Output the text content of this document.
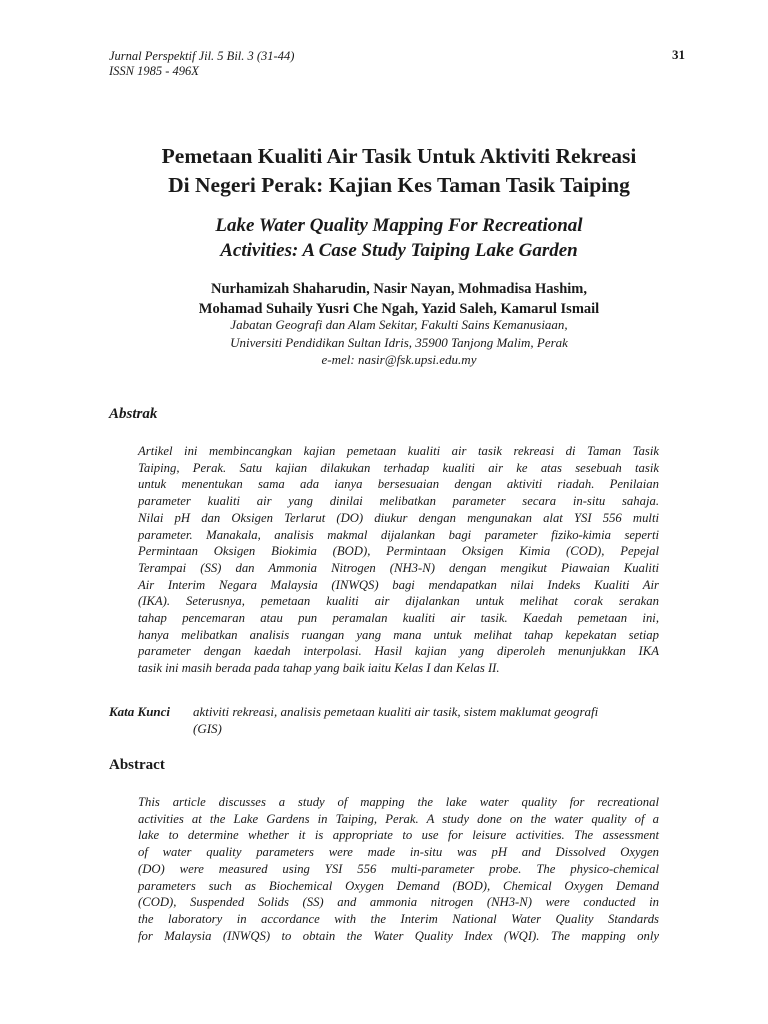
Jurnal Perspektif Jil. 5 Bil. 3 (31-44)
ISSN 1985 - 496X
31
Pemetaan Kualiti Air Tasik Untuk Aktiviti Rekreasi
Di Negeri Perak: Kajian Kes Taman Tasik Taiping
Lake Water Quality Mapping For Recreational
Activities: A Case Study Taiping Lake Garden
Nurhamizah Shaharudin, Nasir Nayan, Mohmadisa Hashim,
Mohamad Suhaily Yusri Che Ngah, Yazid Saleh, Kamarul Ismail
Jabatan Geografi dan Alam Sekitar, Fakulti Sains Kemanusiaan,
Universiti Pendidikan Sultan Idris, 35900 Tanjong Malim, Perak
e-mel: nasir@fsk.upsi.edu.my
Abstrak
Artikel ini membincangkan kajian pemetaan kualiti air tasik rekreasi di Taman Tasik
Taiping, Perak. Satu kajian dilakukan terhadap kualiti air ke atas sesebuah tasik
untuk menentukan sama ada ianya bersesuaian dengan aktiviti riadah. Penilaian
parameter kualiti air yang dinilai melibatkan parameter secara in-situ sahaja.
Nilai pH dan Oksigen Terlarut (DO) diukur dengan mengunakan alat YSI 556 multi
parameter. Manakala, analisis makmal dijalankan bagi parameter fiziko-kimia seperti
Permintaan Oksigen Biokimia (BOD), Permintaan Oksigen Kimia (COD), Pepejal
Terampai (SS) dan Ammonia Nitrogen (NH3-N) dengan mengikut Piawaian Kualiti
Air Interim Negara Malaysia (INWQS) bagi mendapatkan nilai Indeks Kualiti Air
(IKA). Seterusnya, pemetaan kualiti air dijalankan untuk melihat corak serakan
tahap pencemaran atau pun peramalan kualiti air tasik. Kaedah pemetaan ini,
hanya melibatkan analisis ruangan yang mana untuk melihat tahap kepekatan setiap
parameter dengan kaedah interpolasi. Hasil kajian yang diperoleh menunjukkan IKA
tasik ini masih berada pada tahap yang baik iaitu Kelas I dan Kelas II.
Kata Kunci aktiviti rekreasi, analisis pemetaan kualiti air tasik, sistem maklumat geografi
(GIS)
Abstract
This article discusses a study of mapping the lake water quality for recreational
activities at the Lake Gardens in Taiping, Perak. A study done on the water quality of a
lake to determine whether it is appropriate to use for leisure activities. The assessment
of water quality parameters were made in-situ was pH and Dissolved Oxygen
(DO) were measured using YSI 556 multi-parameter probe. The physico-chemical
parameters such as Biochemical Oxygen Demand (BOD), Chemical Oxygen Demand
(COD), Suspended Solids (SS) and ammonia nitrogen (NH3-N) were conducted in
the laboratory in accordance with the Interim National Water Quality Standards
for Malaysia (INWQS) to obtain the Water Quality Index (WQI). The mapping only
